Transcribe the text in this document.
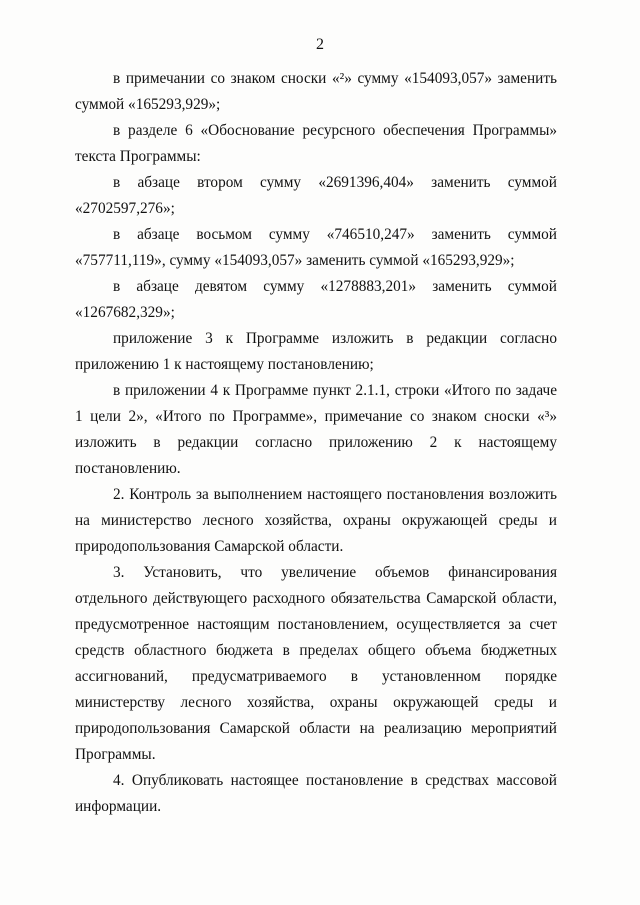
2

в примечании со знаком сноски «²» сумму «154093,057» заменить суммой «165293,929»;

в разделе 6 «Обоснование ресурсного обеспечения Программы» текста Программы:

в абзаце втором сумму «2691396,404» заменить суммой «2702597,276»;

в абзаце восьмом сумму «746510,247» заменить суммой «757711,119», сумму «154093,057» заменить суммой «165293,929»;

в абзаце девятом сумму «1278883,201» заменить суммой «1267682,329»;

приложение 3 к Программе изложить в редакции согласно приложению 1 к настоящему постановлению;

в приложении 4 к Программе пункт 2.1.1, строки «Итого по задаче 1 цели 2», «Итого по Программе», примечание со знаком сноски «³» изложить в редакции согласно приложению 2 к настоящему постановлению.

2. Контроль за выполнением настоящего постановления возложить на министерство лесного хозяйства, охраны окружающей среды и природопользования Самарской области.

3. Установить, что увеличение объемов финансирования отдельного действующего расходного обязательства Самарской области, предусмотренное настоящим постановлением, осуществляется за счет средств областного бюджета в пределах общего объема бюджетных ассигнований, предусматриваемого в установленном порядке министерству лесного хозяйства, охраны окружающей среды и природопользования Самарской области на реализацию мероприятий Программы.

4. Опубликовать настоящее постановление в средствах массовой информации.
